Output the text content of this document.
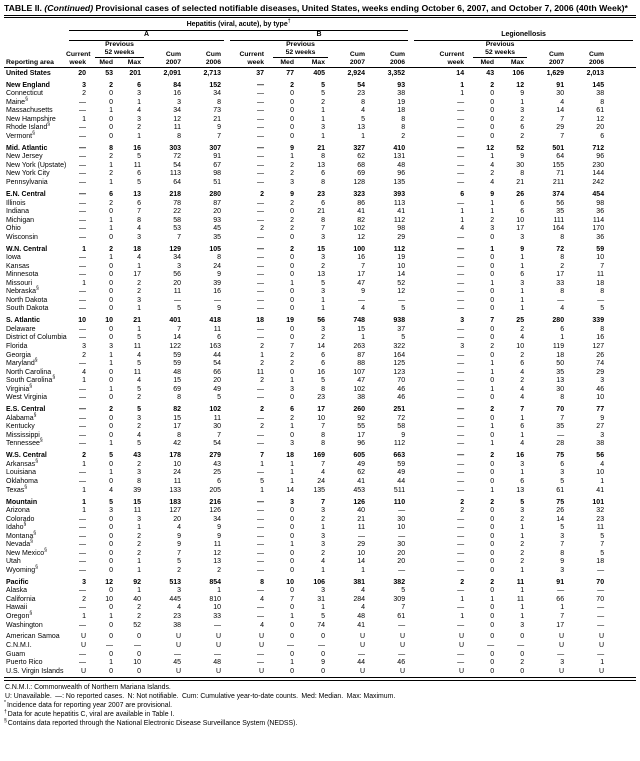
TABLE II. (Continued) Provisional cases of selected notifiable diseases, United States, weeks ending October 6, 2007, and October 7, 2006 (40th Week)*

	Hepatitis (viral, acute), by type†

	A					B					Legionellosis				

Reporting area	
Current
week

Previous
52 weeks	Cum
2007

Cum
2006

Current
week

Previous
52 weeks	Cum
2007

Cum
2006

Current
week

Previous
52 weeks	Cum
2007

Cum
2006

		Med	Max				Med	Max				Med	Max		
United States	20	53	201	2,091	2,713	37	77	405	2,924	3,352	14	43	106	1,629	2,013
New England	3	2	6	84	152	—	2	5	54	93	1	2	12	91	145
Connecticut	2	0	3	16	34	—	0	5	23	38	1	0	9	30	38
Maine§	—	0	1	3	8	—	0	2	8	19	—	0	1	4	8
Massachusetts	—	1	4	34	73	—	0	1	4	18	—	0	3	14	61
New Hampshire	1	0	3	12	21	—	0	1	5	8	—	0	2	7	12
Rhode Island§	—	0	2	11	9	—	0	3	13	8	—	0	6	29	20
Vermont§	—	0	1	8	7	—	0	1	1	2	—	0	2	7	6
Mid. Atlantic	—	8	16	303	307	—	9	21	327	410	—	12	52	501	712
New Jersey	—	2	5	72	91	—	1	8	62	131	—	1	9	64	96
New York (Upstate)	—	1	11	54	67	—	2	13	68	48	—	4	30	155	230
New York City	—	2	6	113	98	—	2	6	69	96	—	2	8	71	144
Pennsylvania	—	1	5	64	51	—	3	8	128	135	—	4	21	211	242
E.N. Central	—	6	13	218	280	2	9	23	323	393	6	9	26	374	454
Illinois	—	2	6	78	87	—	2	6	86	113	—	1	6	56	98
Indiana	—	0	7	22	20	—	0	21	41	41	1	1	6	35	36
Michigan	—	1	8	58	93	—	2	8	82	112	1	2	10	111	114
Ohio	—	1	4	53	45	2	2	7	102	98	4	3	17	164	170
Wisconsin	—	0	3	7	35	—	0	3	12	29	—	0	3	8	36
W.N. Central	1	2	18	129	105	—	2	15	100	112	—	1	9	72	59
Iowa	—	1	4	34	8	—	0	3	16	19	—	0	1	8	10
Kansas	—	0	1	3	24	—	0	2	7	10	—	0	1	2	7
Minnesota	—	0	17	56	9	—	0	13	17	14	—	0	6	17	11
Missouri	1	0	2	20	39	—	1	5	47	52	—	1	3	33	18
Nebraska§	—	0	2	11	16	—	0	3	9	12	—	0	1	8	8
North Dakota	—	0	3	—	—	—	0	1	—	—	—	0	1	—	—
South Dakota	—	0	1	5	9	—	0	1	4	5	—	0	1	4	5
S. Atlantic	10	10	21	401	418	18	19	56	748	938	3	7	25	280	339
Delaware	—	0	1	7	11	—	0	3	15	37	—	0	2	6	8
District of Columbia	—	0	5	14	6	—	0	2	1	5	—	0	4	1	16
Florida	3	3	11	122	163	2	7	14	263	322	3	2	10	119	127
Georgia	2	1	4	59	44	1	2	6	87	164	—	0	2	18	26
Maryland§	—	1	5	59	54	2	2	6	88	125	—	1	6	50	74
North Carolina	4	0	11	48	66	11	0	16	107	123	—	1	4	35	29
South Carolina§	1	0	4	15	20	2	1	5	47	70	—	0	2	13	3
Virginia§	—	1	5	69	49	—	3	8	102	46	—	1	4	30	46
West Virginia	—	0	2	8	5	—	0	23	38	46	—	0	4	8	10
E.S. Central	—	2	5	82	102	2	6	17	260	251	—	2	7	70	77
Alabama§	—	0	3	15	11	—	2	10	92	72	—	0	1	7	9
Kentucky	—	0	2	17	30	2	1	7	55	58	—	1	6	35	27
Mississippi	—	0	4	8	7	—	0	8	17	9	—	0	1	—	3
Tennessee§	—	1	5	42	54	—	3	8	96	112	—	1	4	28	38
W.S. Central	2	5	43	178	279	7	18	169	605	663	—	2	16	75	56
Arkansas§	1	0	2	10	43	1	1	7	49	59	—	0	3	6	4
Louisiana	—	1	3	24	25	—	1	4	62	49	—	0	1	3	10
Oklahoma	—	0	8	11	6	5	1	24	41	44	—	0	6	5	1
Texas§	1	4	39	133	205	1	14	135	453	511	—	1	13	61	41
Mountain	1	5	15	183	216	—	3	7	126	110	2	2	5	75	101
Arizona	1	3	11	127	126	—	0	3	40	—	2	0	3	26	32
Colorado	—	0	3	20	34	—	0	2	21	30	—	0	2	14	23
Idaho§	—	0	1	4	9	—	0	1	11	10	—	0	1	5	11
Montana§	—	0	2	9	9	—	0	3	—	—	—	0	1	3	5
Nevada§	—	0	2	9	11	—	1	3	29	30	—	0	2	7	7
New Mexico§	—	0	2	7	12	—	0	2	10	20	—	0	2	8	5
Utah	—	0	1	5	13	—	0	4	14	20	—	0	2	9	18
Wyoming§	—	0	1	2	2	—	0	1	1	—	—	0	1	3	—
Pacific	3	12	92	513	854	8	10	106	381	382	2	2	11	91	70
Alaska	—	0	1	3	1	—	0	3	4	5	—	0	1	—	—
California	2	10	40	445	810	4	7	31	284	309	1	1	11	66	70
Hawaii	—	0	2	4	10	—	0	1	4	7	—	0	1	1	—
Oregon§	1	1	2	23	33	—	1	5	48	61	1	0	1	7	—
Washington	—	0	52	38	—	4	0	74	41	—	—	0	3	17	—
American Samoa	U	0	0	U	U	U	0	0	U	U	U	0	0	U	U
C.N.M.I.	U	—	—	U	U	U	—	—	U	U	U	—	—	U	U
Guam	—	0	0	—	—	—	0	0	—	—	—	0	0	—	—
Puerto Rico	—	1	10	45	48	—	1	9	44	46	—	0	2	3	1
U.S. Virgin Islands	U	0	0	U	U	U	0	0	U	U	U	0	0	U	U
C.N.M.I.: Commonwealth of Northern Mariana Islands.
U: Unavailable. —: No reported cases. N: Not notifiable. Cum: Cumulative year-to-date counts. Med: Median. Max: Maximum.
*Incidence data for reporting year 2007 are provisional.
†Data for acute hepatitis C, viral are available in Table I.
§Contains data reported through the National Electronic Disease Surveillance System (NEDSS).
